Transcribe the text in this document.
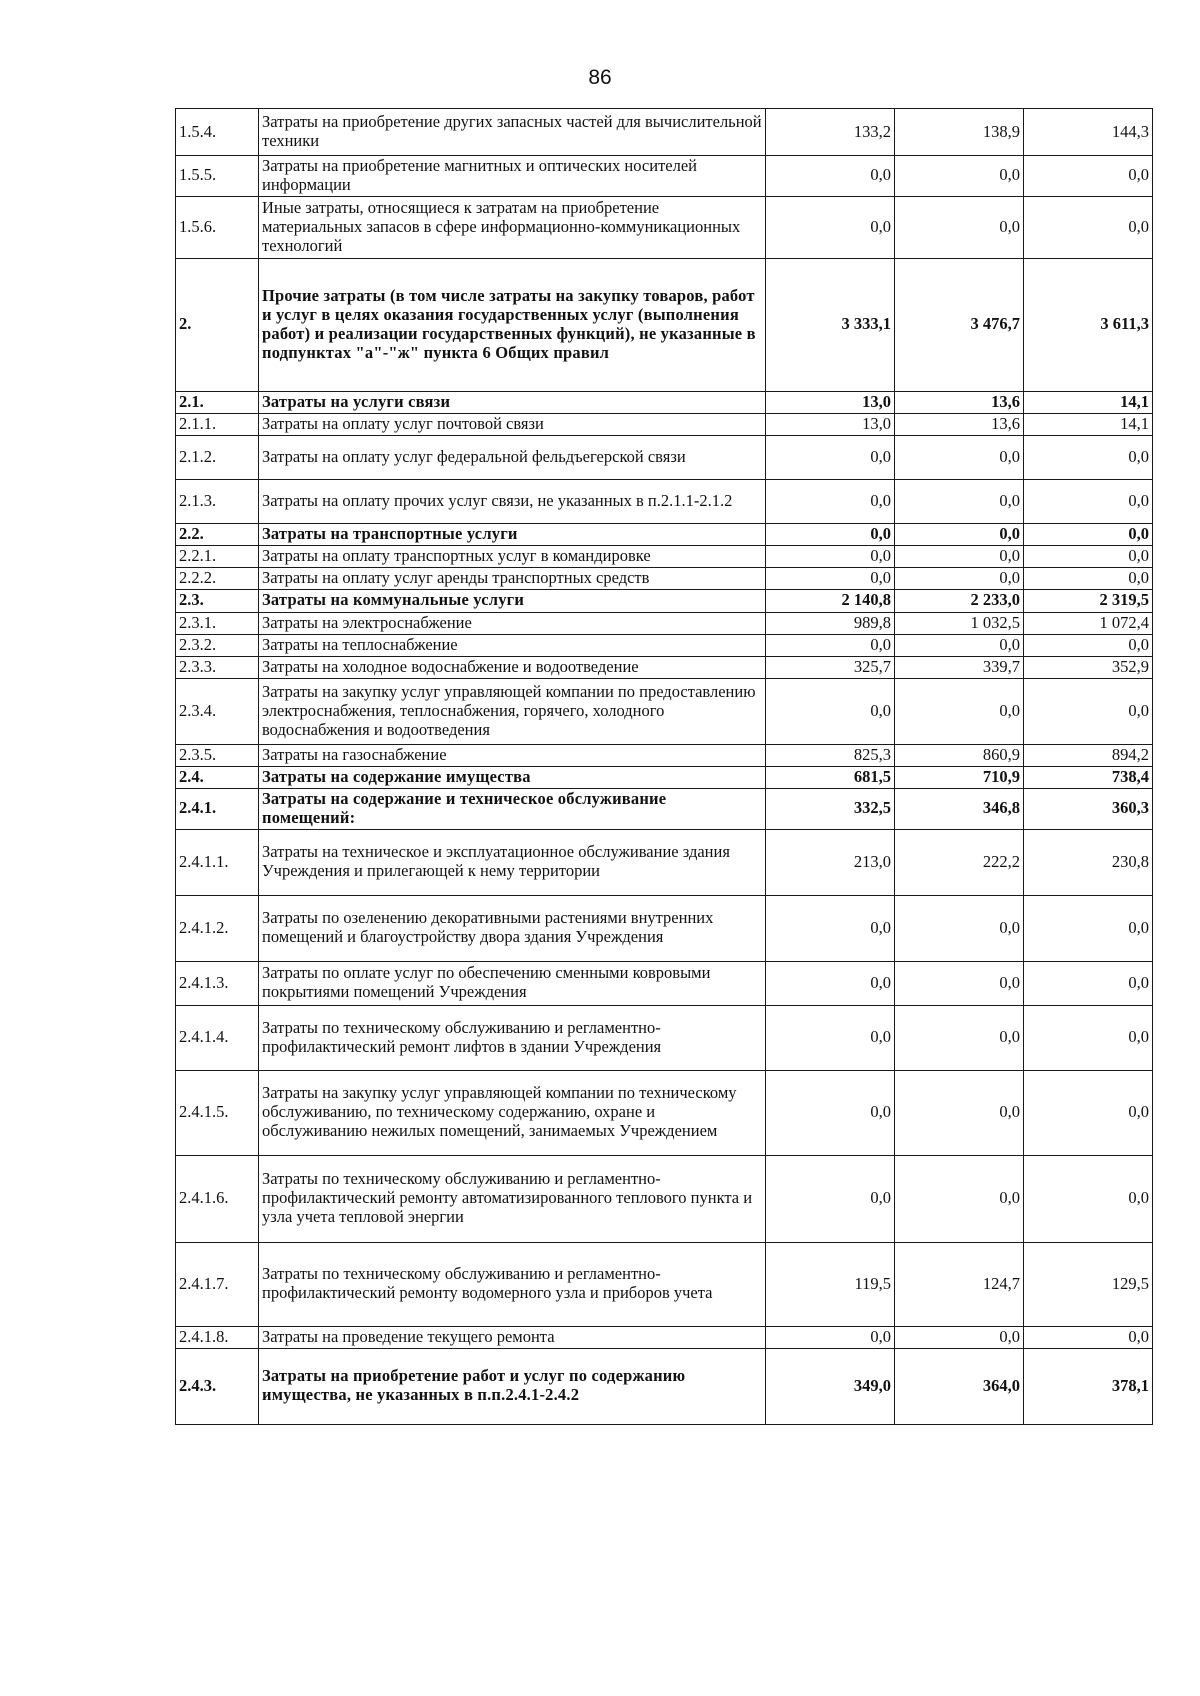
86
1.5.4.	Затраты на приобретение других запасных частей для вычислительной техники	133,2	138,9	144,3
1.5.5.	Затраты на приобретение магнитных и оптических носителей информации	0,0	0,0	0,0
1.5.6.	Иные затраты, относящиеся к затратам на приобретение материальных запасов в сфере информационно-коммуникационных технологий	0,0	0,0	0,0
2.	Прочие затраты (в том числе затраты на закупку товаров, работ и услуг в целях оказания государственных услуг (выполнения работ) и реализации государственных функций), не указанные в подпунктах "а"-"ж" пункта 6 Общих правил	3 333,1	3 476,7	3 611,3
2.1.	Затраты на услуги связи	13,0	13,6	14,1
2.1.1.	Затраты на оплату услуг почтовой связи	13,0	13,6	14,1
2.1.2.	Затраты на оплату услуг федеральной фельдъегерской связи	0,0	0,0	0,0
2.1.3.	Затраты на оплату прочих услуг связи, не указанных в п.2.1.1-2.1.2	0,0	0,0	0,0
2.2.	Затраты на транспортные услуги	0,0	0,0	0,0
2.2.1.	Затраты на оплату транспортных услуг в командировке	0,0	0,0	0,0
2.2.2.	Затраты на оплату услуг аренды транспортных средств	0,0	0,0	0,0
2.3.	Затраты на коммунальные услуги	2 140,8	2 233,0	2 319,5
2.3.1.	Затраты на электроснабжение	989,8	1 032,5	1 072,4
2.3.2.	Затраты на теплоснабжение	0,0	0,0	0,0
2.3.3.	Затраты на холодное водоснабжение и водоотведение	325,7	339,7	352,9
2.3.4.	Затраты на закупку услуг управляющей компании по предоставлению электроснабжения, теплоснабжения, горячего, холодного водоснабжения и водоотведения	0,0	0,0	0,0
2.3.5.	Затраты на газоснабжение	825,3	860,9	894,2
2.4.	Затраты на содержание имущества	681,5	710,9	738,4
2.4.1.	Затраты на содержание и техническое обслуживание помещений:	332,5	346,8	360,3
2.4.1.1.	Затраты на техническое и эксплуатационное обслуживание здания Учреждения и прилегающей к нему территории	213,0	222,2	230,8
2.4.1.2.	Затраты по озеленению декоративными растениями внутренних помещений и благоустройству двора здания Учреждения	0,0	0,0	0,0
2.4.1.3.	Затраты по оплате услуг по обеспечению сменными ковровыми покрытиями помещений Учреждения	0,0	0,0	0,0
2.4.1.4.	Затраты по техническому обслуживанию и регламентно-профилактический ремонт лифтов в здании Учреждения	0,0	0,0	0,0
2.4.1.5.	Затраты на закупку услуг управляющей компании по техническому обслуживанию, по техническому содержанию, охране и обслуживанию нежилых помещений, занимаемых Учреждением	0,0	0,0	0,0
2.4.1.6.	Затраты по техническому обслуживанию и регламентно-профилактический ремонту автоматизированного теплового пункта и узла учета тепловой энергии	0,0	0,0	0,0
2.4.1.7.	Затраты по техническому обслуживанию и регламентно-профилактический ремонту водомерного узла и приборов учета	119,5	124,7	129,5
2.4.1.8.	Затраты на проведение текущего ремонта	0,0	0,0	0,0
2.4.3.	Затраты на приобретение работ и услуг по содержанию имущества, не указанных в п.п.2.4.1-2.4.2	349,0	364,0	378,1
